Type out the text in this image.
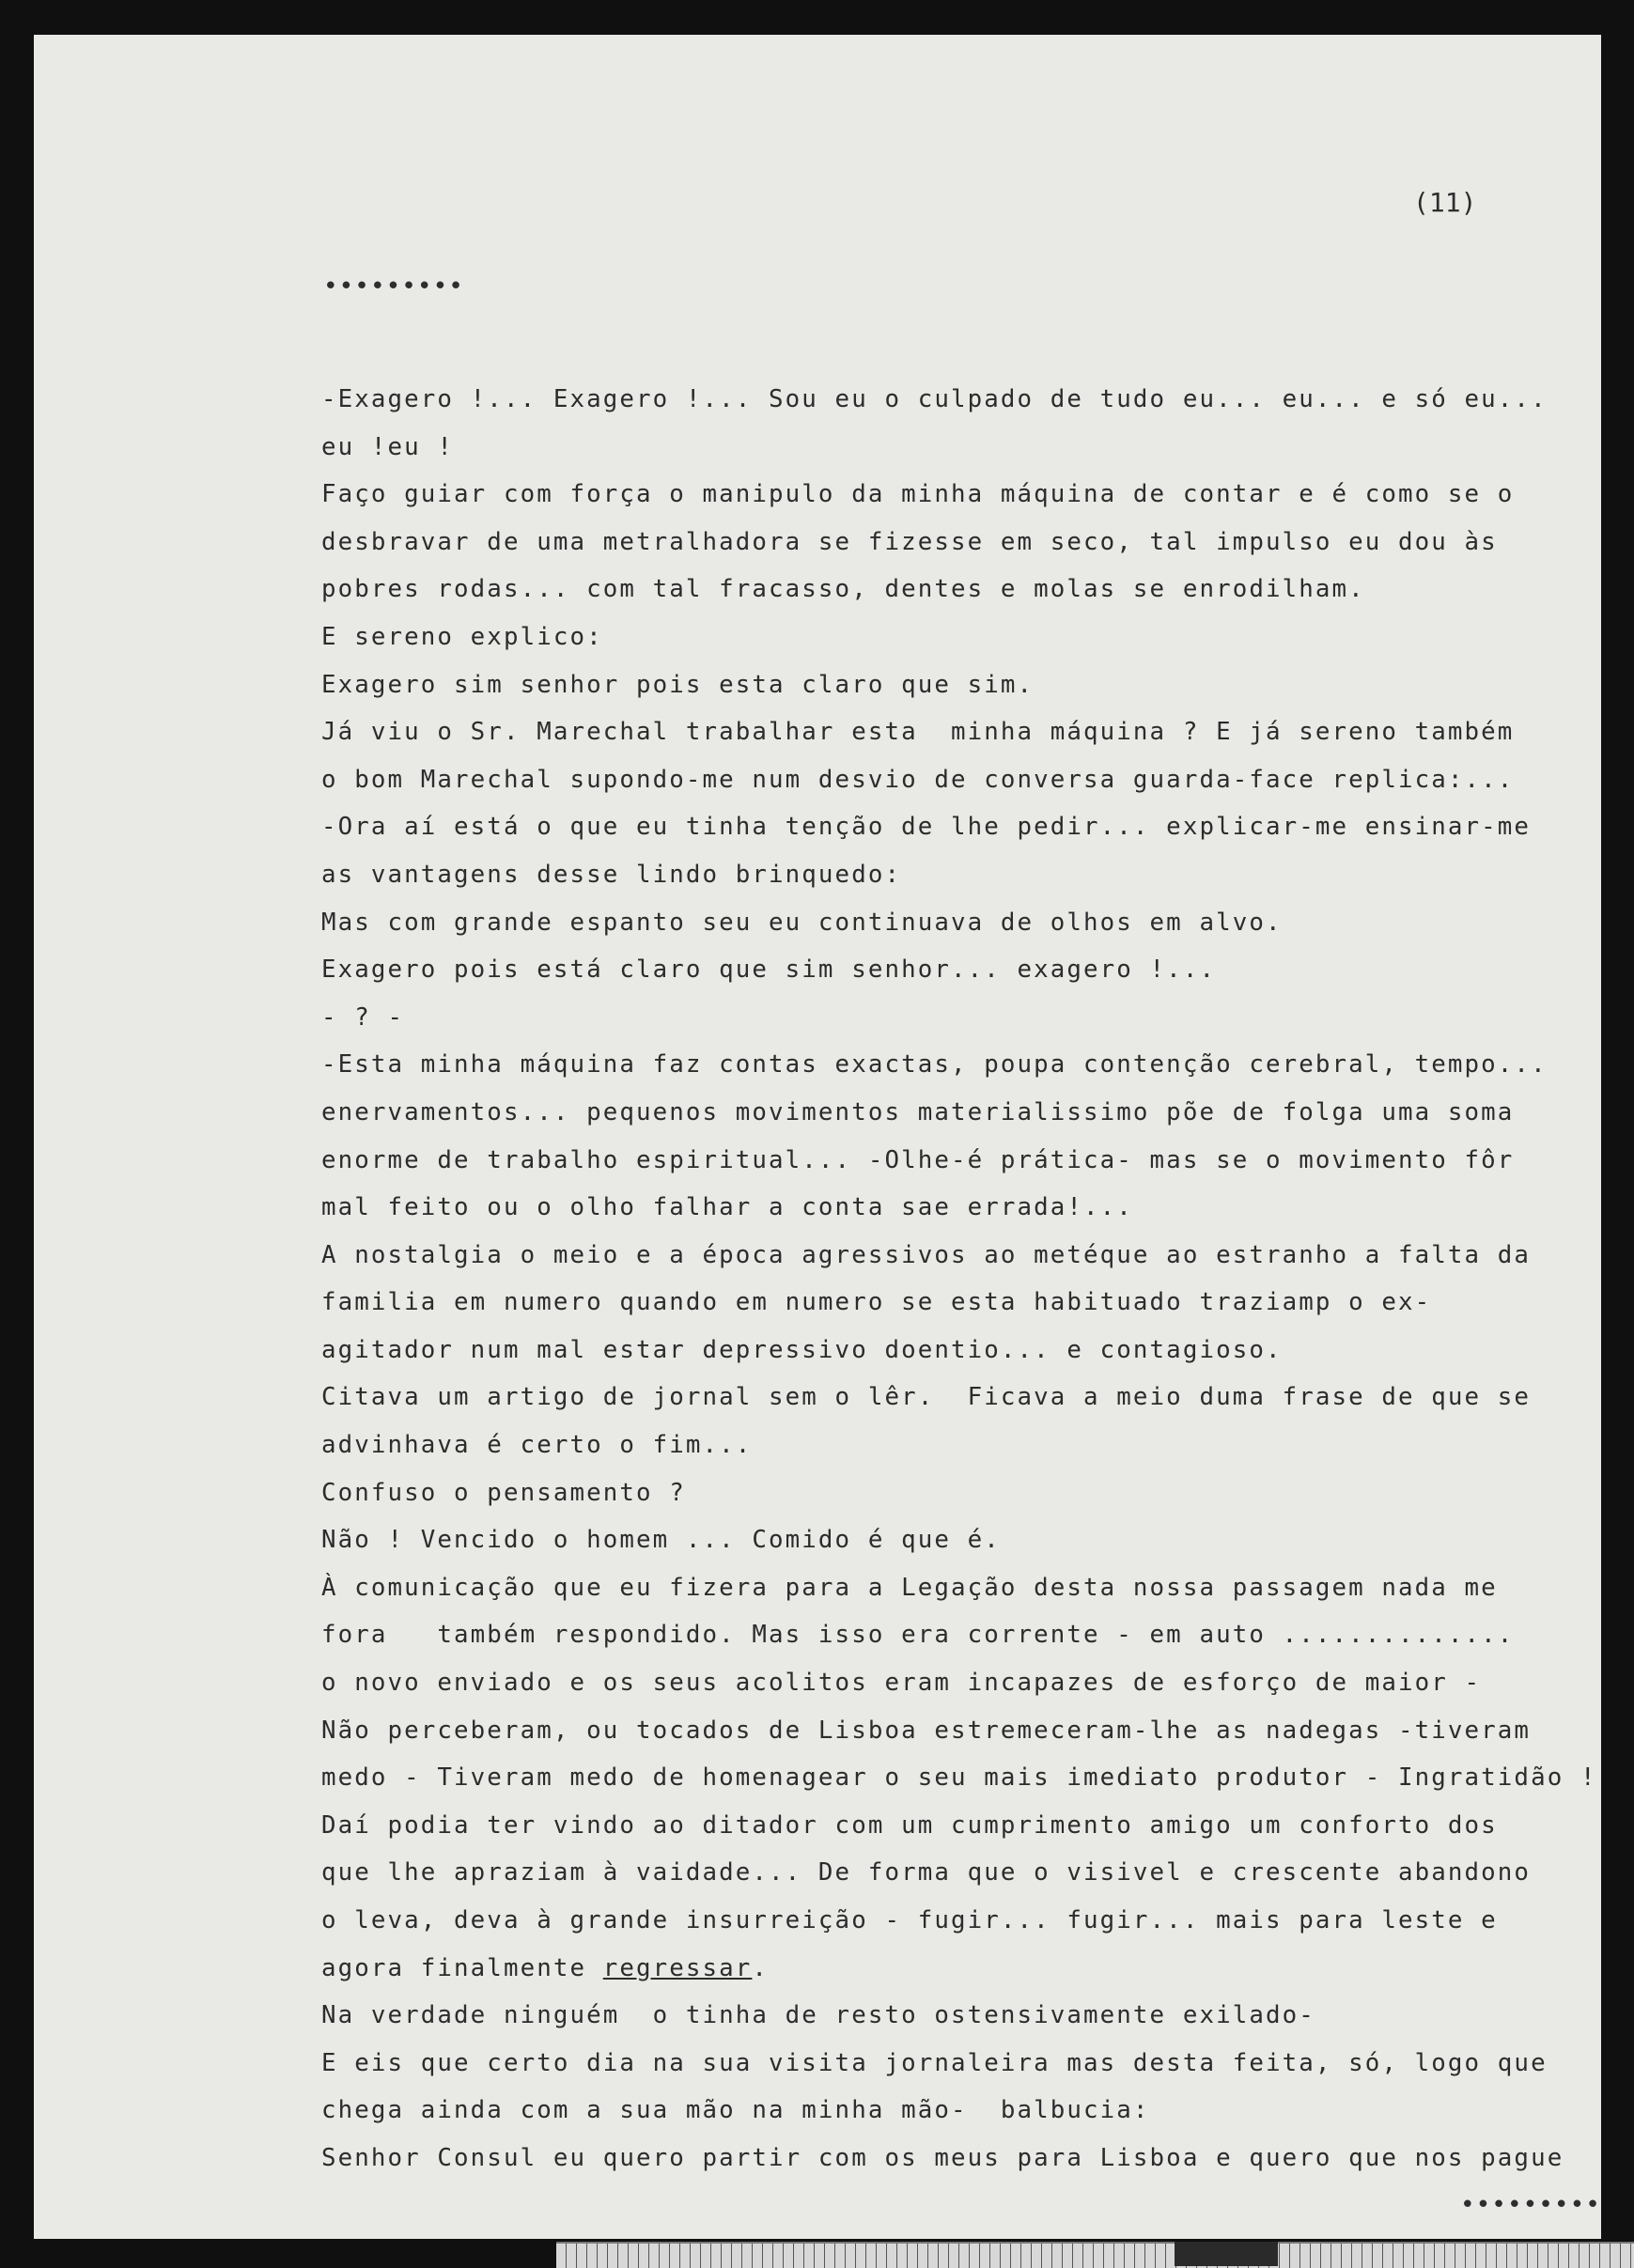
(11)
•••••••••
-Exagero !... Exagero !... Sou eu o culpado de tudo eu... eu... e só eu...
eu !eu !
Faço guiar com força o manipulo da minha máquina de contar e é como se o
desbravar de uma metralhadora se fizesse em seco, tal impulso eu dou às
pobres rodas... com tal fracasso, dentes e molas se enrodilham.
E sereno explico:
Exagero sim senhor pois esta claro que sim.
Já viu o Sr. Marechal trabalhar esta  minha máquina ? E já sereno também
o bom Marechal supondo-me num desvio de conversa guarda-face replica:...
-Ora aí está o que eu tinha tenção de lhe pedir... explicar-me ensinar-me
as vantagens desse lindo brinquedo:
Mas com grande espanto seu eu continuava de olhos em alvo.
Exagero pois está claro que sim senhor... exagero !...
- ? -
-Esta minha máquina faz contas exactas, poupa contenção cerebral, tempo...
enervamentos... pequenos movimentos materialissimo põe de folga uma soma
enorme de trabalho espiritual... -Olhe-é prática- mas se o movimento fôr
mal feito ou o olho falhar a conta sae errada!...
A nostalgia o meio e a época agressivos ao metéque ao estranho a falta da
familia em numero quando em numero se esta habituado traziamp o ex-
agitador num mal estar depressivo doentio... e contagioso.
Citava um artigo de jornal sem o lêr.  Ficava a meio duma frase de que se
advinhava é certo o fim...
Confuso o pensamento ?
Não ! Vencido o homem ... Comido é que é.
À comunicação que eu fizera para a Legação desta nossa passagem nada me
fora   também respondido. Mas isso era corrente - em auto ..............
o novo enviado e os seus acolitos eram incapazes de esforço de maior -
Não perceberam, ou tocados de Lisboa estremeceram-lhe as nadegas -tiveram
medo - Tiveram medo de homenagear o seu mais imediato produtor - Ingratidão !
Daí podia ter vindo ao ditador com um cumprimento amigo um conforto dos
que lhe apraziam à vaidade... De forma que o visivel e crescente abandono
o leva, deva à grande insurreição - fugir... fugir... mais para leste e
agora finalmente regressar.
Na verdade ninguém  o tinha de resto ostensivamente exilado-
E eis que certo dia na sua visita jornaleira mas desta feita, só, logo que
chega ainda com a sua mão na minha mão-  balbucia:
Senhor Consul eu quero partir com os meus para Lisboa e quero que nos pague
•••••••••
